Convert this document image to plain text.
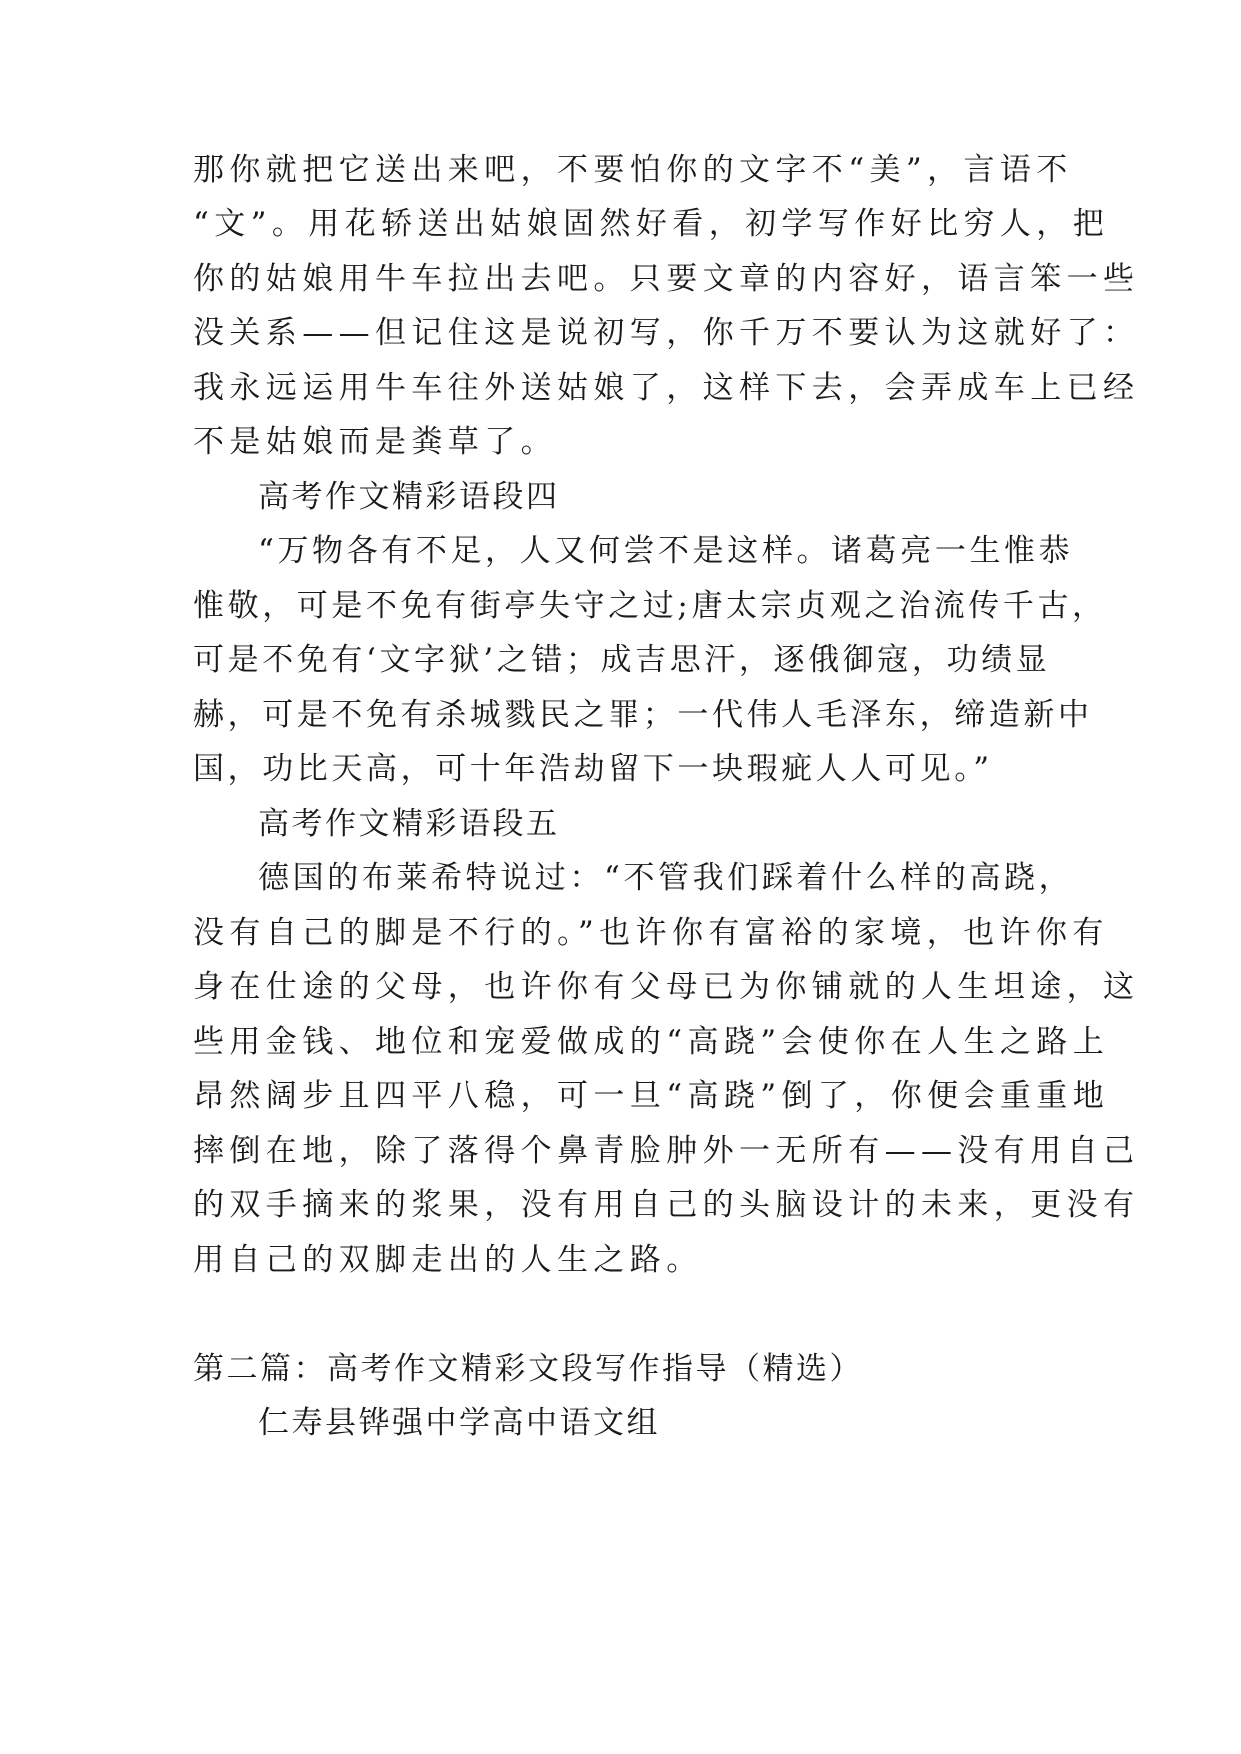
那你就把它送出来吧，不要怕你的文字不“美”，言语不
“文”。用花轿送出姑娘固然好看，初学写作好比穷人，把
你的姑娘用牛车拉出去吧。只要文章的内容好，语言笨一些
没关系——但记住这是说初写，你千万不要认为这就好了：
我永远运用牛车往外送姑娘了，这样下去，会弄成车上已经
不是姑娘而是粪草了。
高考作文精彩语段四
“万物各有不足，人又何尝不是这样。诸葛亮一生惟恭
惟敬，可是不免有街亭失守之过;唐太宗贞观之治流传千古，
可是不免有‘文字狱’之错；成吉思汗，逐俄御寇，功绩显
赫，可是不免有杀城戮民之罪；一代伟人毛泽东，缔造新中
国，功比天高，可十年浩劫留下一块瑕疵人人可见。”
高考作文精彩语段五
德国的布莱希特说过：“不管我们踩着什么样的高跷，
没有自己的脚是不行的。”也许你有富裕的家境，也许你有
身在仕途的父母，也许你有父母已为你铺就的人生坦途，这
些用金钱、地位和宠爱做成的“高跷”会使你在人生之路上
昂然阔步且四平八稳，可一旦“高跷”倒了，你便会重重地
摔倒在地，除了落得个鼻青脸肿外一无所有——没有用自己
的双手摘来的浆果，没有用自己的头脑设计的未来，更没有
用自己的双脚走出的人生之路。
第二篇：高考作文精彩文段写作指导（精选）
仁寿县铧强中学高中语文组
